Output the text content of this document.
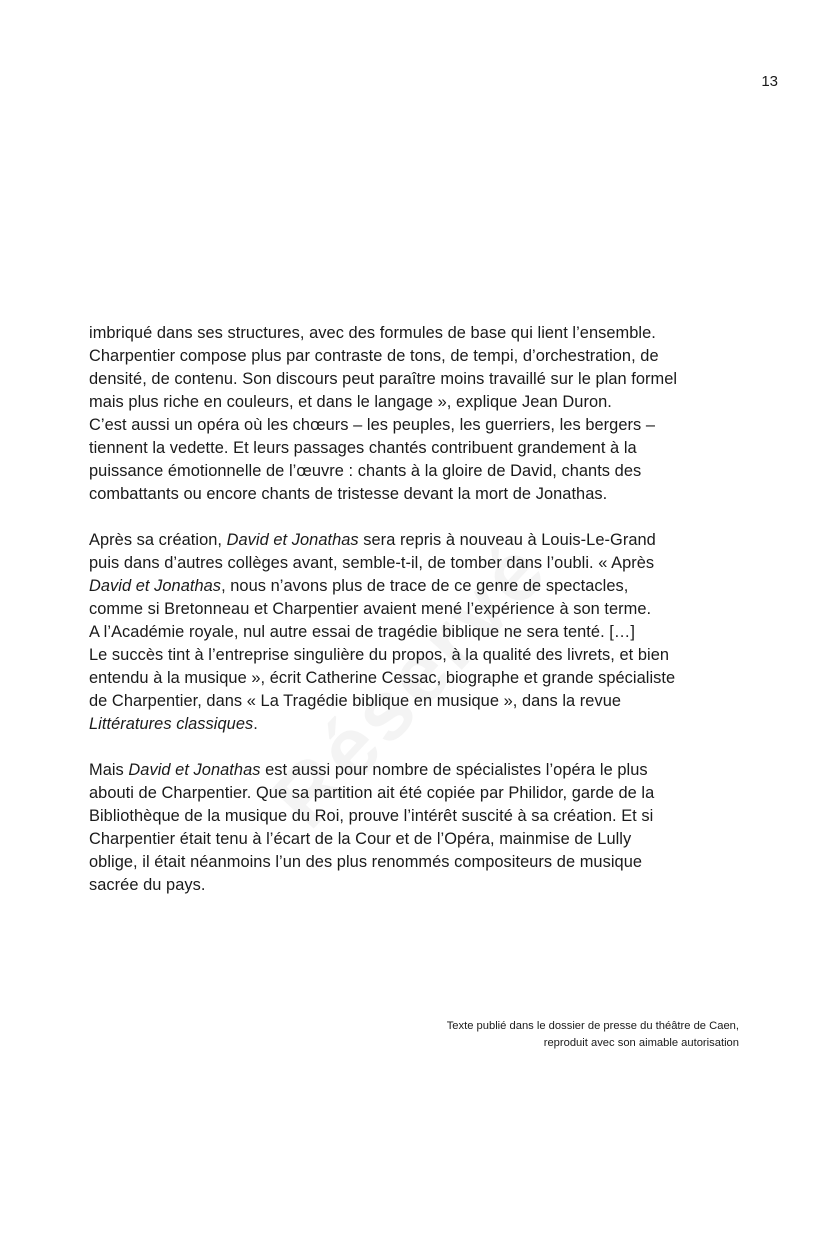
13

imbriqué dans ses structures, avec des formules de base qui lient l’ensemble.
Charpentier compose plus par contraste de tons, de tempi, d’orchestration, de
densité, de contenu. Son discours peut paraître moins travaillé sur le plan formel
mais plus riche en couleurs, et dans le langage », explique Jean Duron.
C’est aussi un opéra où les chœurs – les peuples, les guerriers, les bergers –
tiennent la vedette. Et leurs passages chantés contribuent grandement à la
puissance émotionnelle de l’œuvre : chants à la gloire de David, chants des
combattants ou encore chants de tristesse devant la mort de Jonathas.

Après sa création, David et Jonathas sera repris à nouveau à Louis-Le-Grand
puis dans d’autres collèges avant, semble-t-il, de tomber dans l’oubli. « Après
David et Jonathas, nous n’avons plus de trace de ce genre de spectacles,
comme si Bretonneau et Charpentier avaient mené l’expérience à son terme.
A l’Académie royale, nul autre essai de tragédie biblique ne sera tenté. […]
Le succès tint à l’entreprise singulière du propos, à la qualité des livrets, et bien
entendu à la musique », écrit Catherine Cessac, biographe et grande spécialiste
de Charpentier, dans « La Tragédie biblique en musique », dans la revue
Littératures classiques.

Mais David et Jonathas est aussi pour nombre de spécialistes l’opéra le plus
abouti de Charpentier. Que sa partition ait été copiée par Philidor, garde de la
Bibliothèque de la musique du Roi, prouve l’intérêt suscité à sa création. Et si
Charpentier était tenu à l’écart de la Cour et de l’Opéra, mainmise de Lully
oblige, il était néanmoins l’un des plus renommés compositeurs de musique
sacrée du pays.

Texte publié dans le dossier de presse du théâtre de Caen,
reproduit avec son aimable autorisation
